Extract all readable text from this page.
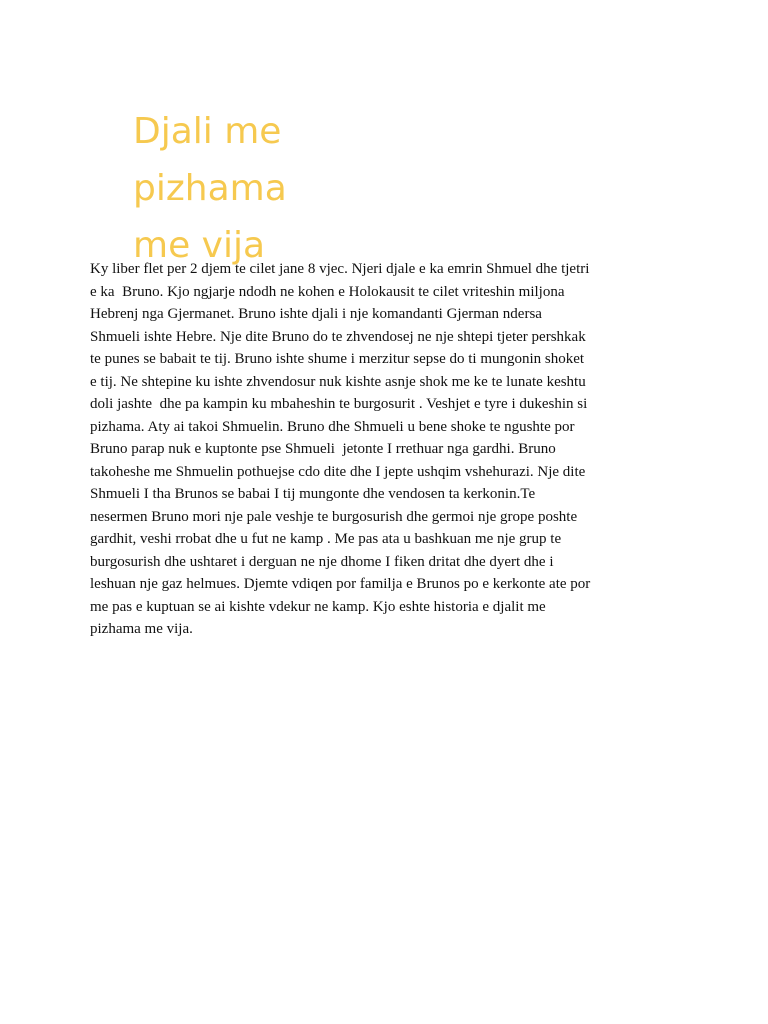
Djali me
pizhama
me vija
Ky liber flet per 2 djem te cilet jane 8 vjec. Njeri djale e ka emrin Shmuel dhe tjetri
e ka  Bruno. Kjo ngjarje ndodh ne kohen e Holokausit te cilet vriteshin miljona
Hebrenj nga Gjermanet. Bruno ishte djali i nje komandanti Gjerman ndersa
Shmueli ishte Hebre. Nje dite Bruno do te zhvendosej ne nje shtepi tjeter pershkak
te punes se babait te tij. Bruno ishte shume i merzitur sepse do ti mungonin shoket
e tij. Ne shtepine ku ishte zhvendosur nuk kishte asnje shok me ke te lunate keshtu
doli jashte  dhe pa kampin ku mbaheshin te burgosurit . Veshjet e tyre i dukeshin si
pizhama. Aty ai takoi Shmuelin. Bruno dhe Shmueli u bene shoke te ngushte por
Bruno parap nuk e kuptonte pse Shmueli  jetonte I rrethuar nga gardhi. Bruno
takoheshe me Shmuelin pothuejse cdo dite dhe I jepte ushqim vshehurazi. Nje dite
Shmueli I tha Brunos se babai I tij mungonte dhe vendosen ta kerkonin.Te
nesermen Bruno mori nje pale veshje te burgosurish dhe germoi nje grope poshte
gardhit, veshi rrobat dhe u fut ne kamp . Me pas ata u bashkuan me nje grup te
burgosurish dhe ushtaret i derguan ne nje dhome I fiken dritat dhe dyert dhe i
leshuan nje gaz helmues. Djemte vdiqen por familja e Brunos po e kerkonte ate por
me pas e kuptuan se ai kishte vdekur ne kamp. Kjo eshte historia e djalit me
pizhama me vija.
